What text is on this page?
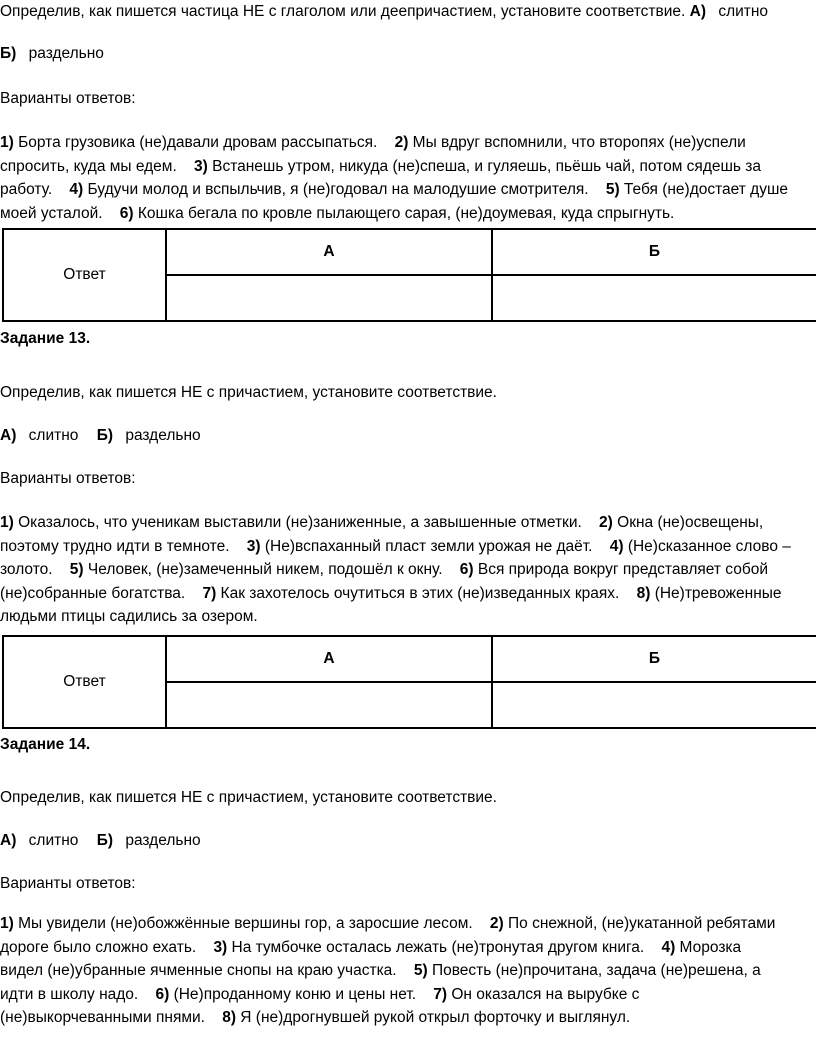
Определив, как пишется частица НЕ с глаголом или деепричастием, установите соответствие. А) слитно

Б) раздельно

Варианты ответов:

1) Борта грузовика (не)давали дровам рассыпаться. 2) Мы вдруг вспомнили, что второпях (не)успели спросить, куда мы едем. 3) Встанешь утром, никуда (не)спеша, и гуляешь, пьёшь чай, потом сядешь за работу. 4) Будучи молод и вспыльчив, я (не)годовал на малодушие смотрителя. 5) Тебя (не)достает душе моей усталой. 6) Кошка бегала по кровле пылающего сарая, (не)доумевая, куда спрыгнуть.

Ответ	А	Б

Задание 13.

Определив, как пишется НЕ с причастием, установите соответствие.

А) слитно Б) раздельно

Варианты ответов:

1) Оказалось, что ученикам выставили (не)заниженные, а завышенные отметки. 2) Окна (не)освещены, поэтому трудно идти в темноте. 3) (Не)вспаханный пласт земли урожая не даёт. 4) (Не)сказанное слово – золото. 5) Человек, (не)замеченный никем, подошёл к окну. 6) Вся природа вокруг представляет собой (не)собранные богатства. 7) Как захотелось очутиться в этих (не)изведанных краях. 8) (Не)тревоженные людьми птицы садились за озером.

Ответ	А	Б

Задание 14.

Определив, как пишется НЕ с причастием, установите соответствие.

А) слитно Б) раздельно

Варианты ответов:

1) Мы увидели (не)обожжённые вершины гор, а заросшие лесом. 2) По снежной, (не)укатанной ребятами дороге было сложно ехать. 3) На тумбочке осталась лежать (не)тронутая другом книга. 4) Морозка видел (не)убранные ячменные снопы на краю участка. 5) Повесть (не)прочитана, задача (не)решена, а идти в школу надо. 6) (Не)проданному коню и цены нет. 7) Он оказался на вырубке с (не)выкорчеванными пнями. 8) Я (не)дрогнувшей рукой открыл форточку и выглянул.
